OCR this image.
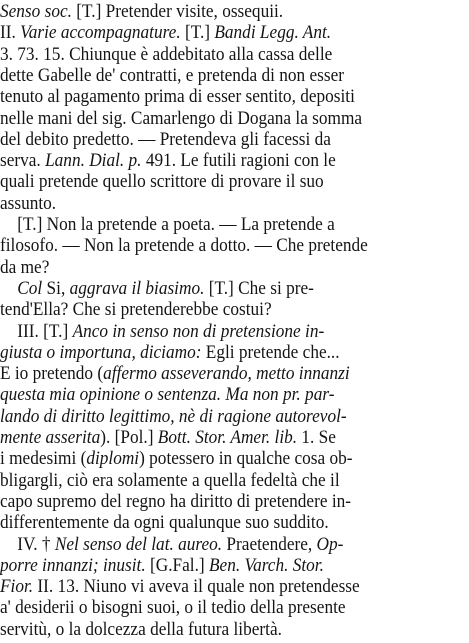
Senso soc. [T.] Pretender visite, ossequii.
II. Varie accompagnature. [T.] Bandi Legg. Ant.
3. 73. 15. Chiunque è addebitato alla cassa delle
dette Gabelle de' contratti, e pretenda di non esser
tenuto al pagamento prima di esser sentito, depositi
nelle mani del sig. Camarlengo di Dogana la somma
del debito predetto. — Pretendeva gli facessi da
serva. Lann. Dial. p. 491. Le futili ragioni con le
quali pretende quello scrittore di provare il suo
assunto.
[T.] Non la pretende a poeta. — La pretende a
filosofo. — Non la pretende a dotto. — Che pretende
da me?
Col Si, aggrava il biasimo. [T.] Che si pre-
tend'Ella? Che si pretenderebbe costui?
III. [T.] Anco in senso non di pretensione in-
giusta o importuna, diciamo: Egli pretende che...
E io pretendo (affermo asseverando, metto innanzi
questa mia opinione o sentenza. Ma non pr. par-
lando di diritto legittimo, nè di ragione autorevol-
mente asserita). [Pol.] Bott. Stor. Amer. lib. 1. Se
i medesimi (diplomi) potessero in qualche cosa ob-
bligargli, ciò era solamente a quella fedeltà che il
capo supremo del regno ha diritto di pretendere in-
differentemente da ogni qualunque suo suddito.
IV. † Nel senso del lat. aureo. Praetendere, Op-
porre innanzi; inusit. [G.Fal.] Ben. Varch. Stor.
Fior. II. 13. Niuno vi aveva il quale non pretendesse
a' desiderii o bisogni suoi, o il tedio della presente
servitù, o la dolcezza della futura libertà.
